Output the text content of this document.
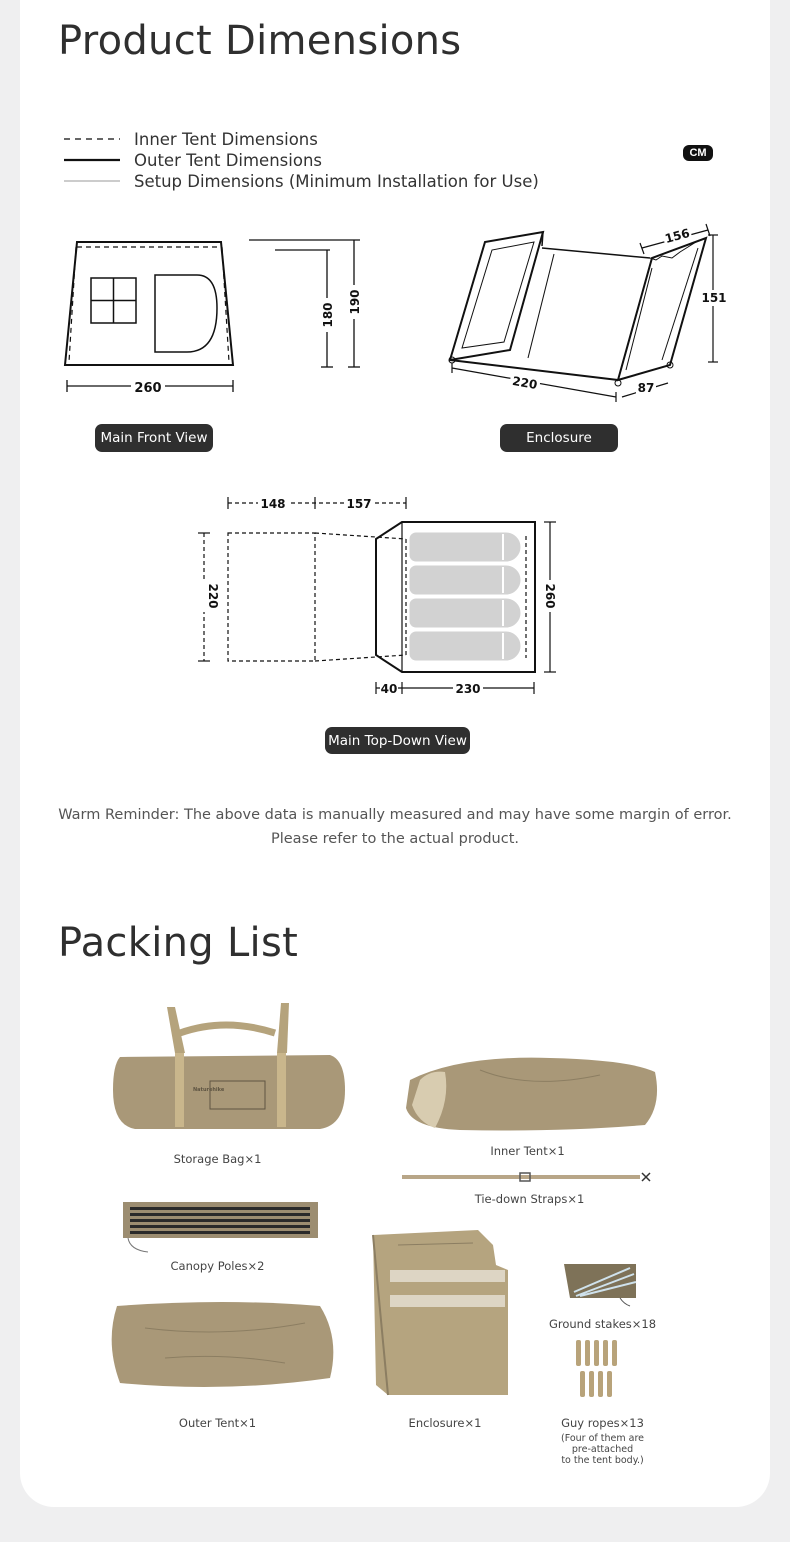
Product Dimensions
Inner Tent Dimensions
Outer Tent Dimensions
Setup Dimensions (Minimum Installation for Use)
CM
260
180
190
Main Front View
156
151
220	87
Enclosure
148	157
220	260
40	230
Main Top-Down View
Warm Reminder: The above data is manually measured and may have some margin of error.
Please refer to the actual product.
Packing List
Naturehike
Storage Bag×1
Inner Tent×1
Tie-down Straps×1
Canopy Poles×2
Outer Tent×1	Enclosure×1
Ground stakes×18
Guy ropes×13
(Four of them are
pre-attached
to the tent body.)
